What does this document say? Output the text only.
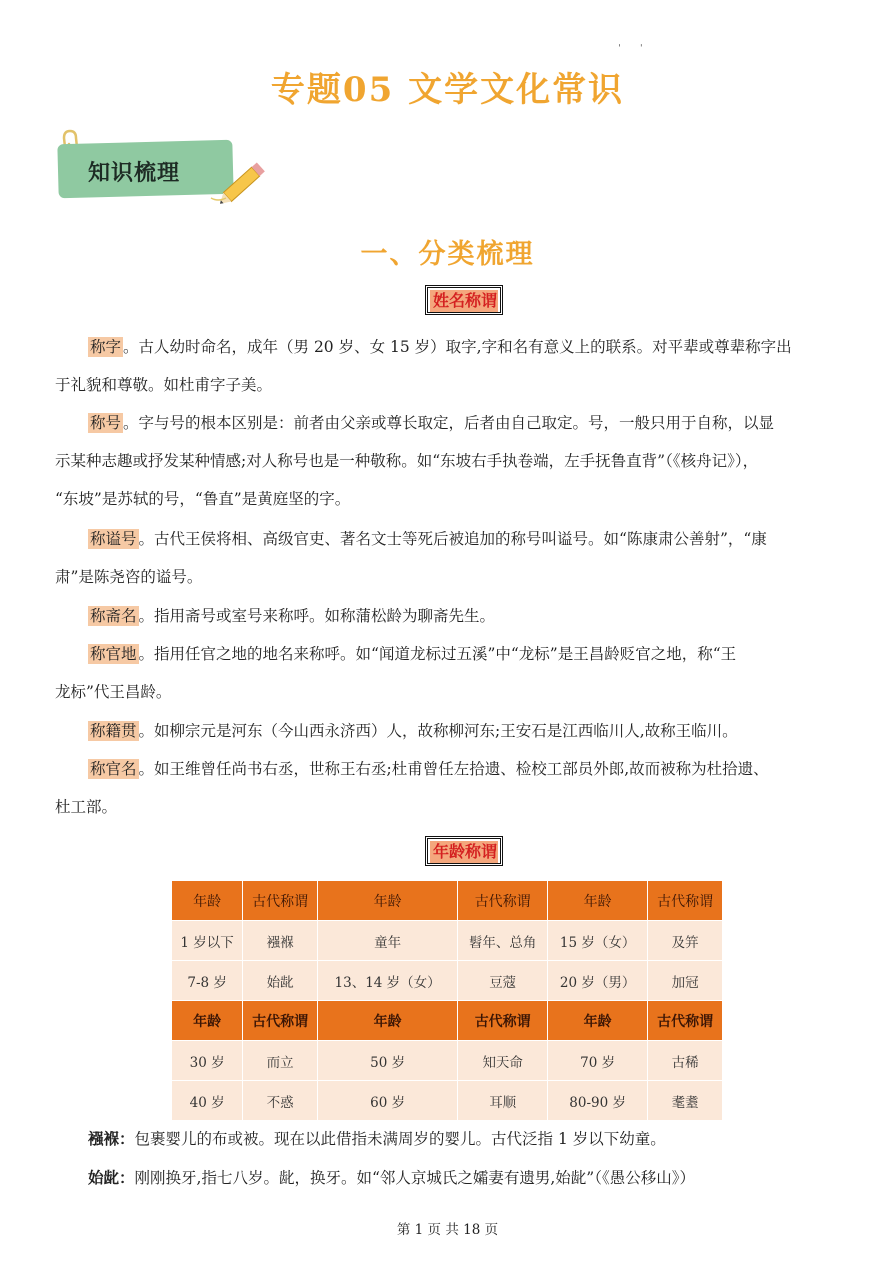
专题05 文学文化常识
ˈ      ˈ
知识梳理
一、分类梳理
姓名称谓

称字 。古人幼时命名，成年（男 20 岁、女 15 岁）取字,字和名有意义上的联系。对平辈或尊辈称字出
于礼貌和尊敬。如杜甫字子美。

称号 。字与号的根本区别是：前者由父亲或尊长取定，后者由自己取定。号，一般只用于自称，以显
示某种志趣或抒发某种情感;对人称号也是一种敬称。如“东坡右手执卷端，左手抚鲁直背”（《核舟记》），
“东坡”是苏轼的号，“鲁直”是黄庭坚的字。

称谥号 。古代王侯将相、高级官吏、著名文士等死后被追加的称号叫谥号。如“陈康肃公善射”，“康
肃”是陈尧咨的谥号。

称斋名 。指用斋号或室号来称呼。如称蒲松龄为聊斋先生。

称官地 。指用任官之地的地名来称呼。如“闻道龙标过五溪”中“龙标”是王昌龄贬官之地，称“王
龙标”代王昌龄。

称籍贯 。如柳宗元是河东（今山西永济西）人，故称柳河东;王安石是江西临川人,故称王临川。

称官名 。如王维曾任尚书右丞，世称王右丞;杜甫曾任左拾遗、检校工部员外郎,故而被称为杜拾遗、
杜工部。

年龄称谓
年龄	古代称谓	年龄	古代称谓	年龄	古代称谓
1 岁以下	襁褓	童年	髫年、总角	15 岁（女）	及笄
7-8 岁	始龀	13、14 岁（女）	豆蔻	20 岁（男）	加冠
年龄	古代称谓	年龄	古代称谓	年龄	古代称谓
30 岁	而立	50 岁	知天命	70 岁	古稀
40 岁	不惑	60 岁	耳顺	80-90 岁	耄耋

襁褓：包裹婴儿的布或被。现在以此借指未满周岁的婴儿。古代泛指 1 岁以下幼童。

始龀：刚刚换牙,指七八岁。龀，换牙。如“邻人京城氏之孀妻有遗男,始龀”（《愚公移山》）

第 1 页 共 18 页
